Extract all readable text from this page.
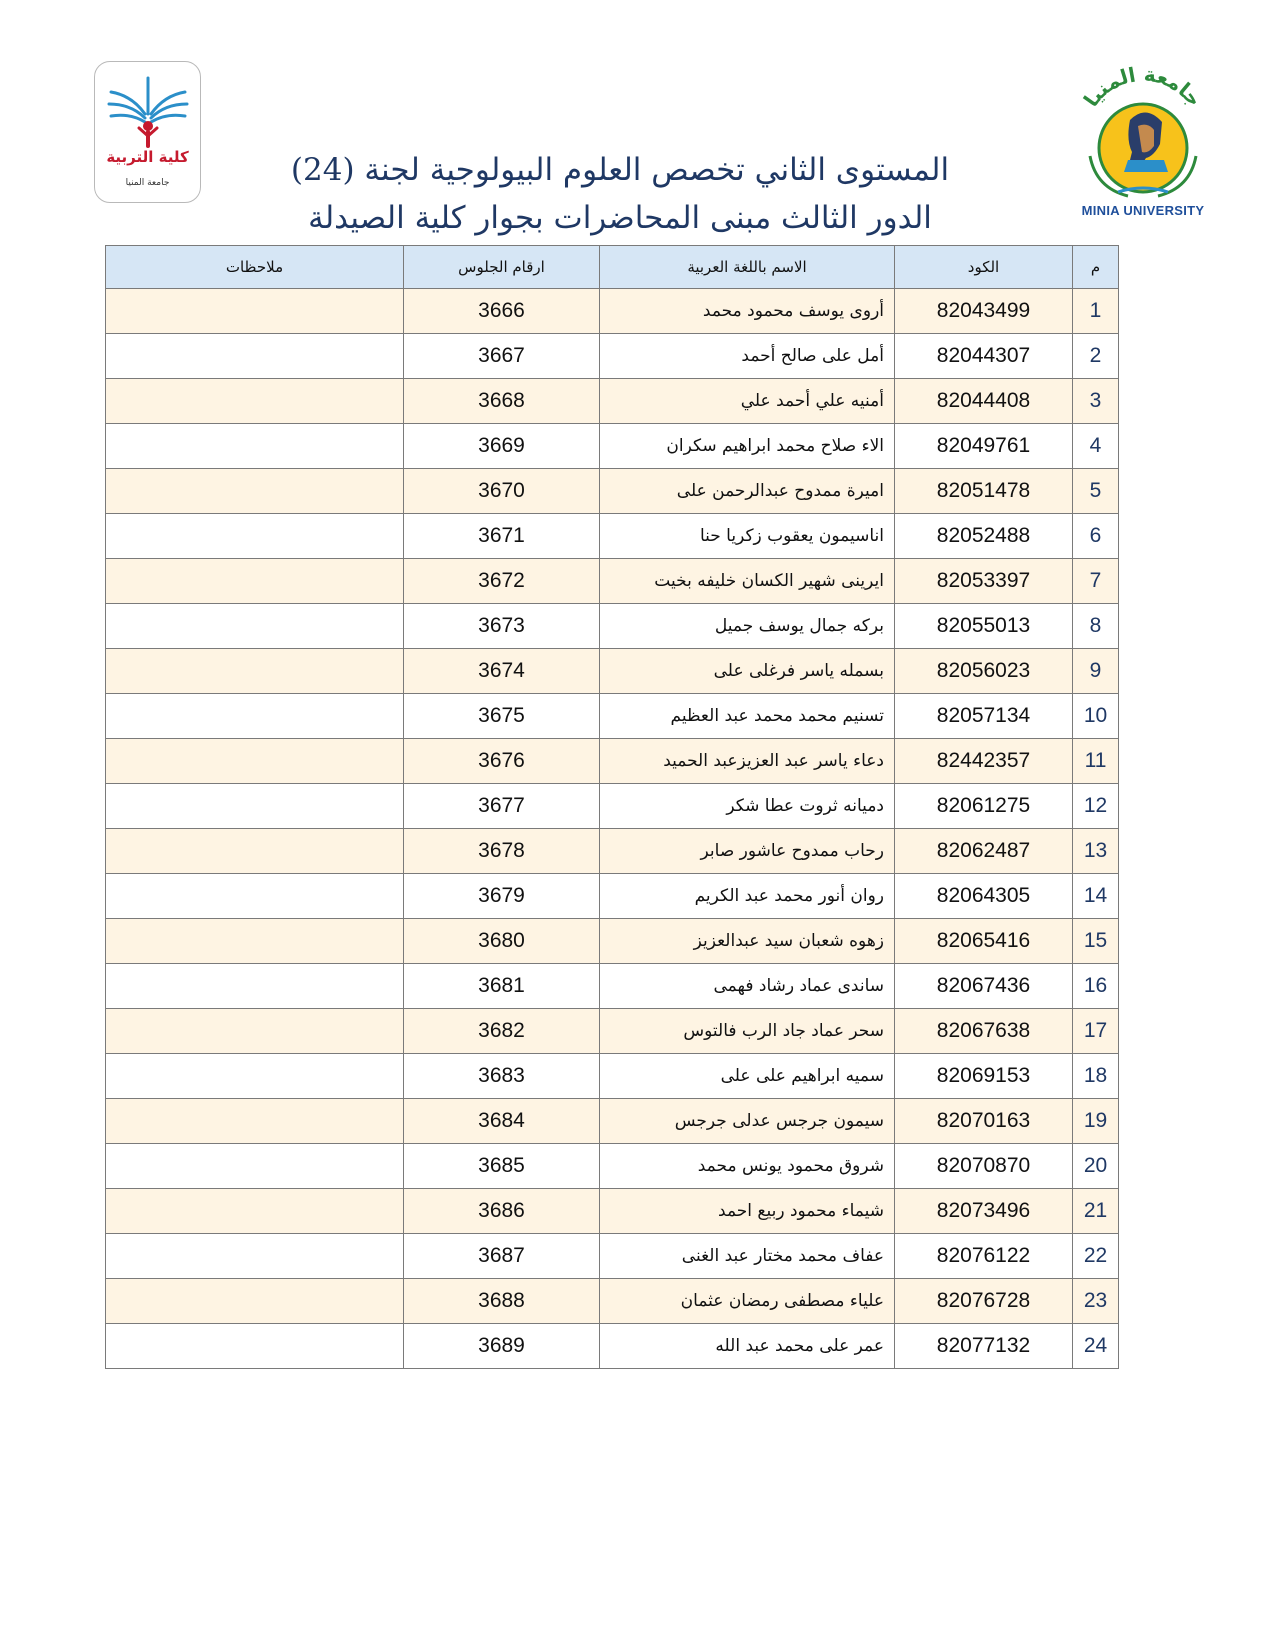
كلية التربية
جامعة المنيا
جامعة المنيا
MINIA UNIVERSITY
المستوى الثاني تخصص العلوم البيولوجية لجنة (24)
الدور الثالث مبنى المحاضرات بجوار كلية الصيدلة
م	الكود	الاسم باللغة العربية	ارقام الجلوس	ملاحظات
1	82043499	أروى يوسف محمود محمد	3666	
2	82044307	أمل على صالح أحمد	3667	
3	82044408	أمنيه علي أحمد علي	3668	
4	82049761	الاء صلاح محمد ابراهيم سكران	3669	
5	82051478	اميرة ممدوح عبدالرحمن على	3670	
6	82052488	اناسيمون يعقوب زكريا حنا	3671	
7	82053397	ايرينى شهير الكسان خليفه بخيت	3672	
8	82055013	بركه جمال يوسف جميل	3673	
9	82056023	بسمله ياسر فرغلى على	3674	
10	82057134	تسنيم محمد محمد عبد العظيم	3675	
11	82442357	دعاء ياسر عبد العزيزعبد الحميد	3676	
12	82061275	دميانه ثروت عطا شكر	3677	
13	82062487	رحاب ممدوح عاشور صابر	3678	
14	82064305	روان أنور محمد عبد الكريم	3679	
15	82065416	زهوه شعبان سيد عبدالعزيز	3680	
16	82067436	ساندى عماد رشاد فهمى	3681	
17	82067638	سحر عماد جاد الرب فالتوس	3682	
18	82069153	سميه ابراهيم على على	3683	
19	82070163	سيمون جرجس عدلى جرجس	3684	
20	82070870	شروق محمود يونس محمد	3685	
21	82073496	شيماء محمود ربيع احمد	3686	
22	82076122	عفاف محمد مختار عبد الغنى	3687	
23	82076728	علياء مصطفى رمضان عثمان	3688	
24	82077132	عمر على محمد عبد الله	3689	
